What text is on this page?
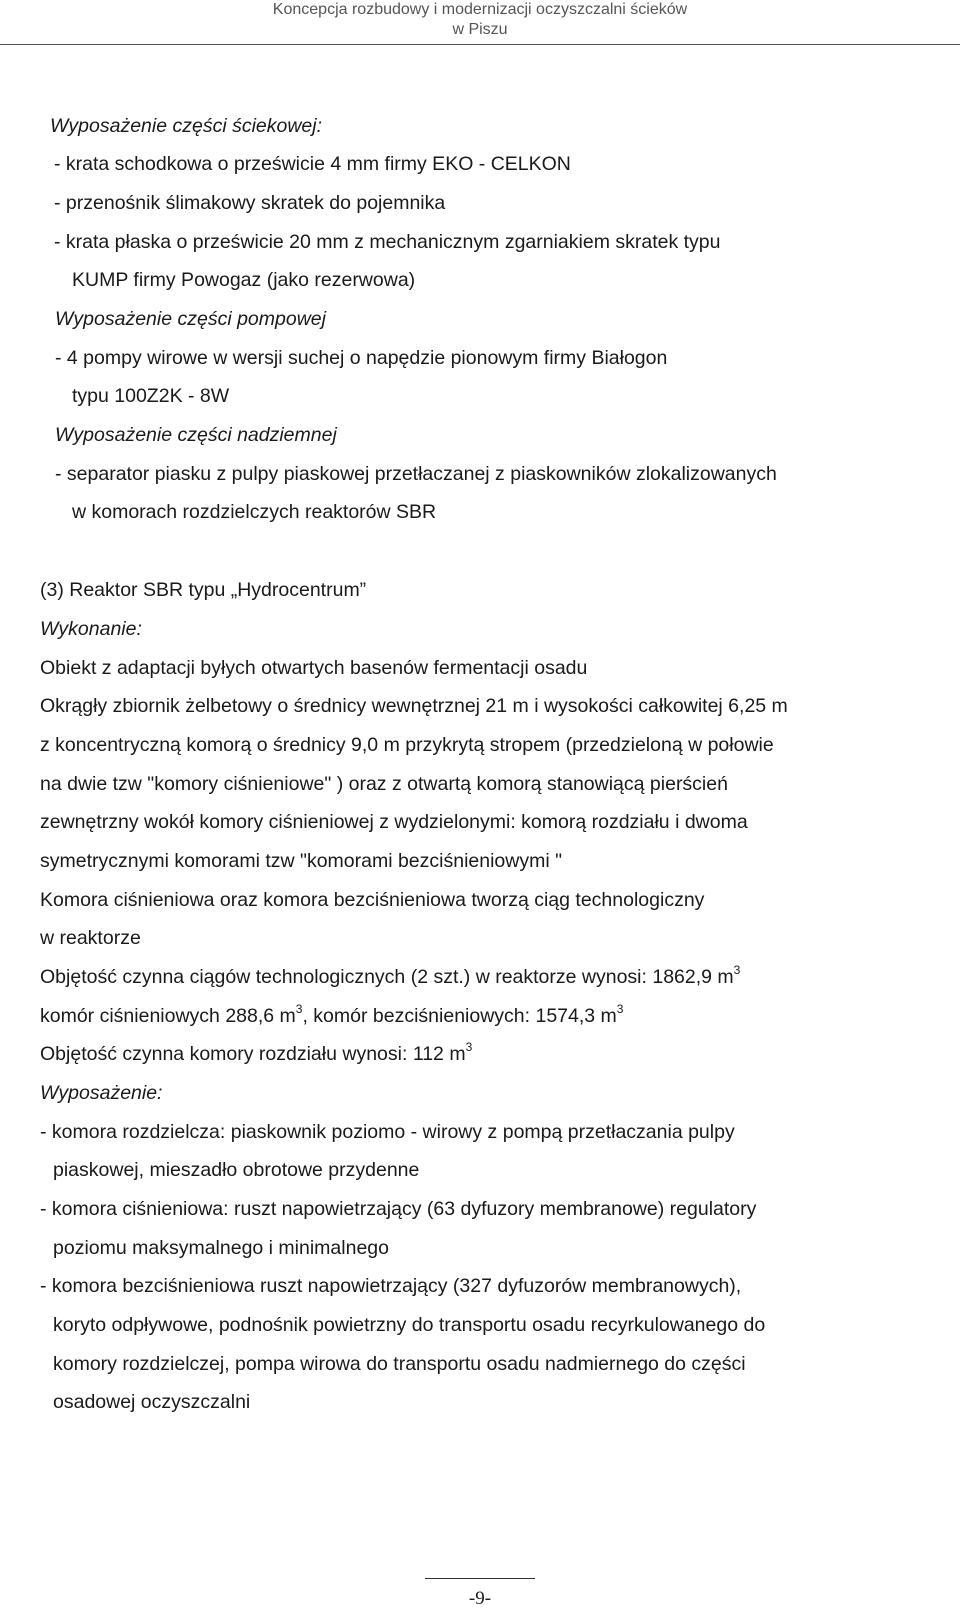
Koncepcja rozbudowy i modernizacji oczyszczalni ścieków
w Piszu
Wyposażenie części ściekowej:
- krata schodkowa o prześwicie 4 mm firmy EKO - CELKON
- przenośnik ślimakowy skratek do pojemnika
- krata płaska o prześwicie 20 mm z mechanicznym zgarniakiem skratek typu
KUMP firmy Powogaz (jako rezerwowa)
Wyposażenie części pompowej
- 4 pompy wirowe w wersji suchej o napędzie pionowym firmy Białogon
typu 100Z2K - 8W
Wyposażenie części nadziemnej
- separator piasku z pulpy piaskowej przetłaczanej z piaskowników zlokalizowanych
w komorach rozdzielczych reaktorów SBR
(3) Reaktor SBR typu „Hydrocentrum”
Wykonanie:
Obiekt z adaptacji byłych otwartych basenów fermentacji osadu
Okrągły zbiornik żelbetowy o średnicy wewnętrznej 21 m i wysokości całkowitej 6,25 m
z koncentryczną komorą o średnicy 9,0 m przykrytą stropem (przedzieloną w połowie
na dwie tzw "komory ciśnieniowe" ) oraz z otwartą komorą stanowiącą pierścień
zewnętrzny wokół komory ciśnieniowej z wydzielonymi: komorą rozdziału i dwoma
symetrycznymi komorami tzw "komorami bezciśnieniowymi "
Komora ciśnieniowa oraz komora bezciśnieniowa tworzą ciąg technologiczny
w reaktorze
Objętość czynna ciągów technologicznych (2 szt.) w reaktorze wynosi: 1862,9 $m^3$
komór ciśnieniowych 288,6 $m^3$, komór bezciśnieniowych: 1574,3 $m^3$
Objętość czynna komory rozdziału wynosi: 112 $m^3$
Wyposażenie:
- komora rozdzielcza: piaskownik poziomo - wirowy z pompą przetłaczania pulpy
piaskowej, mieszadło obrotowe przydenne
- komora ciśnieniowa: ruszt napowietrzający (63 dyfuzory membranowe) regulatory
poziomu maksymalnego i minimalnego
- komora bezciśnieniowa ruszt napowietrzający (327 dyfuzorów membranowych),
koryto odpływowe, podnośnik powietrzny do transportu osadu recyrkulowanego do
komory rozdzielczej, pompa wirowa do transportu osadu nadmiernego do części
osadowej oczyszczalni
-9-
